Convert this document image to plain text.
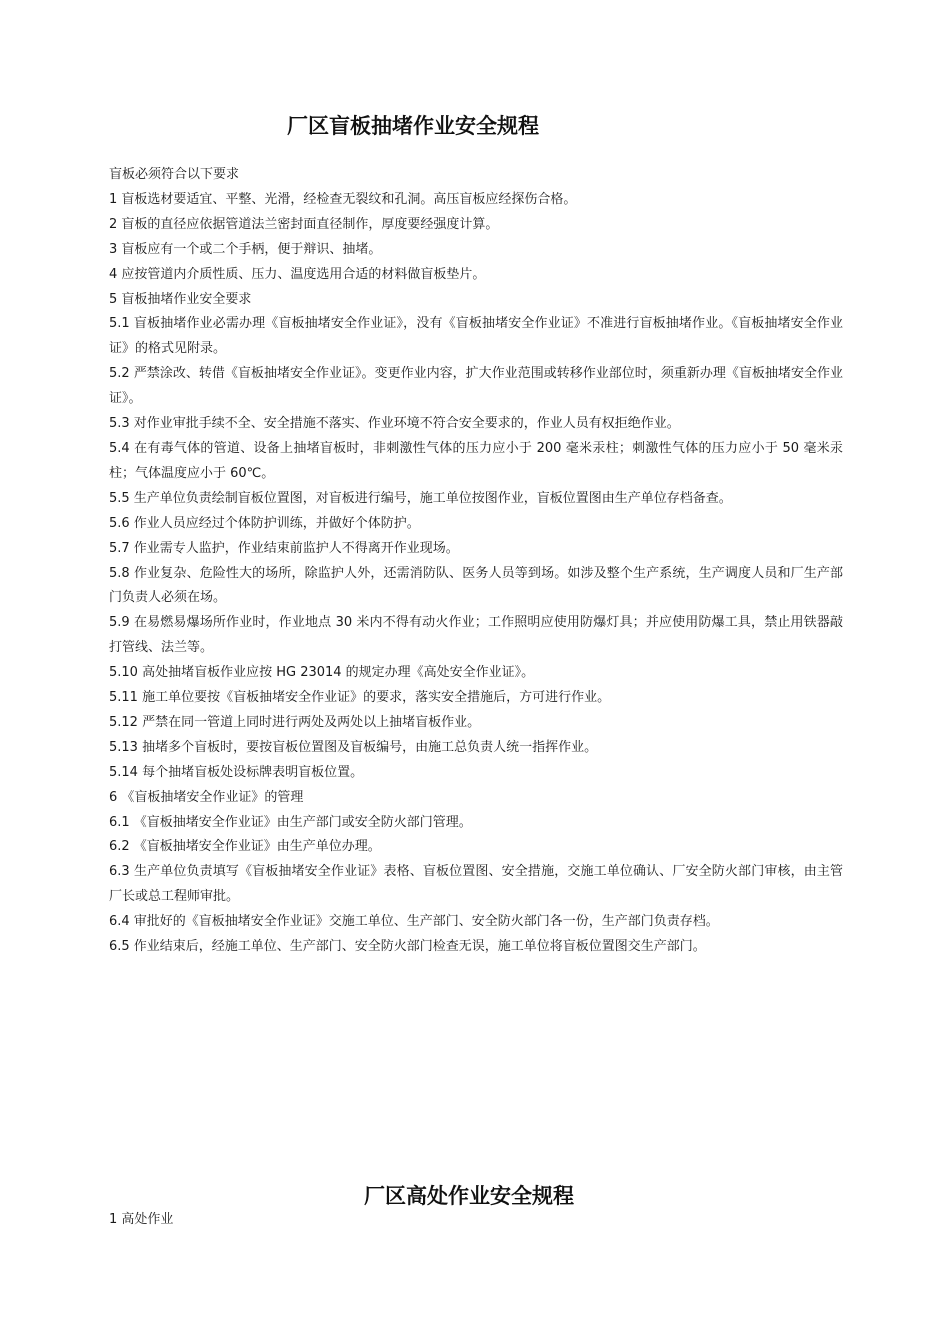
厂区盲板抽堵作业安全规程

盲板必须符合以下要求

1 盲板选材要适宜、平整、光滑，经检查无裂纹和孔洞。高压盲板应经探伤合格。

2 盲板的直径应依据管道法兰密封面直径制作，厚度要经强度计算。

3 盲板应有一个或二个手柄，便于辩识、抽堵。

4 应按管道内介质性质、压力、温度选用合适的材料做盲板垫片。

5 盲板抽堵作业安全要求

5.1 盲板抽堵作业必需办理《盲板抽堵安全作业证》，没有《盲板抽堵安全作业证》不准进行盲板抽堵作业。《盲板抽堵安全作业证》的格式见附录。

5.2 严禁涂改、转借《盲板抽堵安全作业证》。变更作业内容，扩大作业范围或转移作业部位时，须重新办理《盲板抽堵安全作业证》。

5.3 对作业审批手续不全、安全措施不落实、作业环境不符合安全要求的，作业人员有权拒绝作业。

5.4 在有毒气体的管道、设备上抽堵盲板时，非刺激性气体的压力应小于 200 毫米汞柱；刺激性气体的压力应小于 50 毫米汞柱；气体温度应小于 60℃。

5.5 生产单位负责绘制盲板位置图，对盲板进行编号，施工单位按图作业，盲板位置图由生产单位存档备查。

5.6 作业人员应经过个体防护训练，并做好个体防护。

5.7 作业需专人监护，作业结束前监护人不得离开作业现场。

5.8 作业复杂、危险性大的场所，除监护人外，还需消防队、医务人员等到场。如涉及整个生产系统，生产调度人员和厂生产部门负责人必须在场。

5.9 在易燃易爆场所作业时，作业地点 30 米内不得有动火作业；工作照明应使用防爆灯具；并应使用防爆工具，禁止用铁器敲打管线、法兰等。

5.10 高处抽堵盲板作业应按 HG 23014 的规定办理《高处安全作业证》。

5.11 施工单位要按《盲板抽堵安全作业证》的要求，落实安全措施后，方可进行作业。

5.12 严禁在同一管道上同时进行两处及两处以上抽堵盲板作业。

5.13 抽堵多个盲板时，要按盲板位置图及盲板编号，由施工总负责人统一指挥作业。

5.14 每个抽堵盲板处设标牌表明盲板位置。

6 《盲板抽堵安全作业证》的管理

6.1 《盲板抽堵安全作业证》由生产部门或安全防火部门管理。

6.2 《盲板抽堵安全作业证》由生产单位办理。

6.3 生产单位负责填写《盲板抽堵安全作业证》表格、盲板位置图、安全措施，交施工单位确认、厂安全防火部门审核，由主管厂长或总工程师审批。

6.4 审批好的《盲板抽堵安全作业证》交施工单位、生产部门、安全防火部门各一份，生产部门负责存档。

6.5 作业结束后，经施工单位、生产部门、安全防火部门检查无误，施工单位将盲板位置图交生产部门。

厂区高处作业安全规程

1 高处作业
